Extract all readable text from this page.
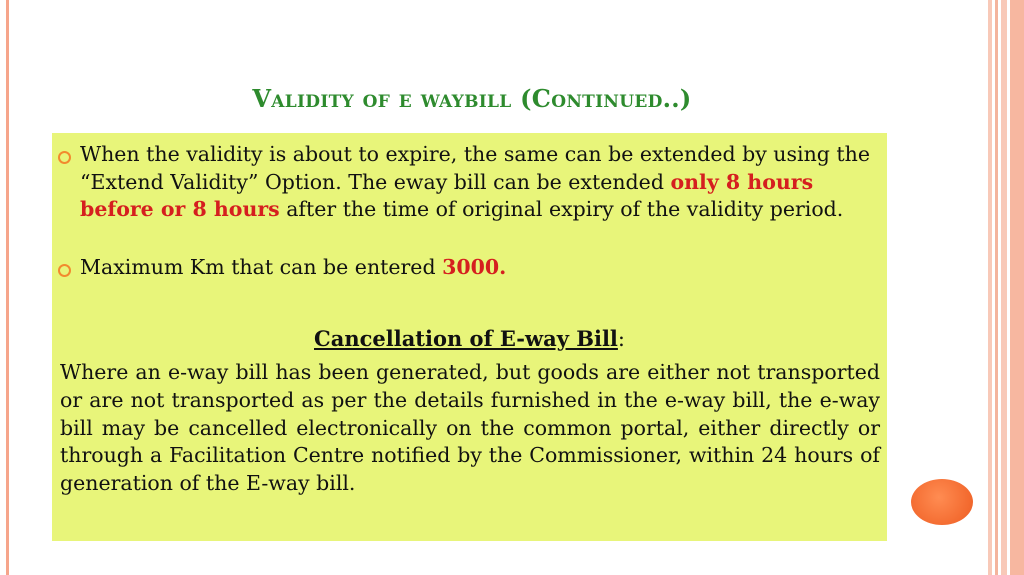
Validity of e waybill (Continued..)
When the validity is about to expire, the same can be extended by using the “Extend Validity” Option. The eway bill can be extended only 8 hours before or 8 hours after the time of original expiry of the validity period.
Maximum Km that can be entered 3000.
Cancellation of E-way Bill:
Where an e-way bill has been generated, but goods are either not transported or are not transported as per the details furnished in the e-way bill, the e-way bill may be cancelled electronically on the common portal, either directly or through a Facilitation Centre notified by the Commissioner, within 24 hours of generation of the E-way bill.
